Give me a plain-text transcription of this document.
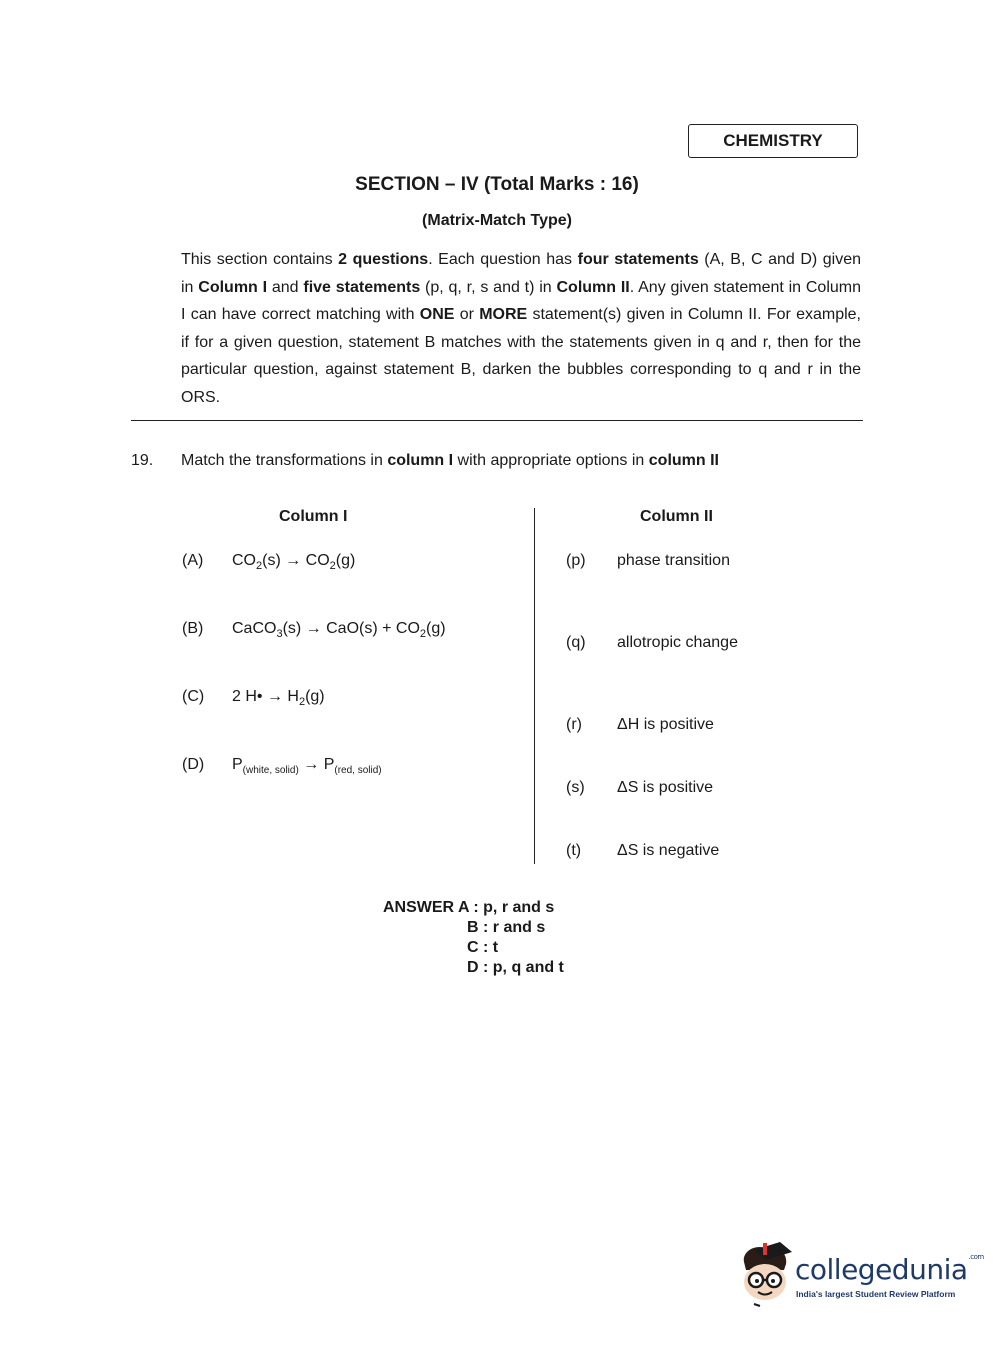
CHEMISTRY
SECTION – IV (Total Marks : 16)
(Matrix-Match Type)
This section contains 2 questions. Each question has four statements (A, B, C and D) given in Column I and five statements (p, q, r, s and t) in Column II. Any given statement in Column I can have correct matching with ONE or MORE statement(s) given in Column II. For example, if for a given question, statement B matches with the statements given in q and r, then for the particular question, against statement B, darken the bubbles corresponding to q and r in the ORS.
19. Match the transformations in column I with appropriate options in column II
Column I
(A) $CO_2(s) \to CO_2(g)$
(B) CaCO$_3$(s) → $CaO(s) + CO_2(g)$
(C) 2 H• → $H_2(g)$
(D) $P_{(white, solid)} \to P_{(red, solid)}$
Column II
(p) phase transition
(q) allotropic change
(r) ΔH is positive
(s) ΔS is positive
(t) ΔS is negative
ANSWER A : p, r and s
B : r and s
C : t
D : p, q and t
collegedunia$^{.com}$
India's largest Student Review Platform
